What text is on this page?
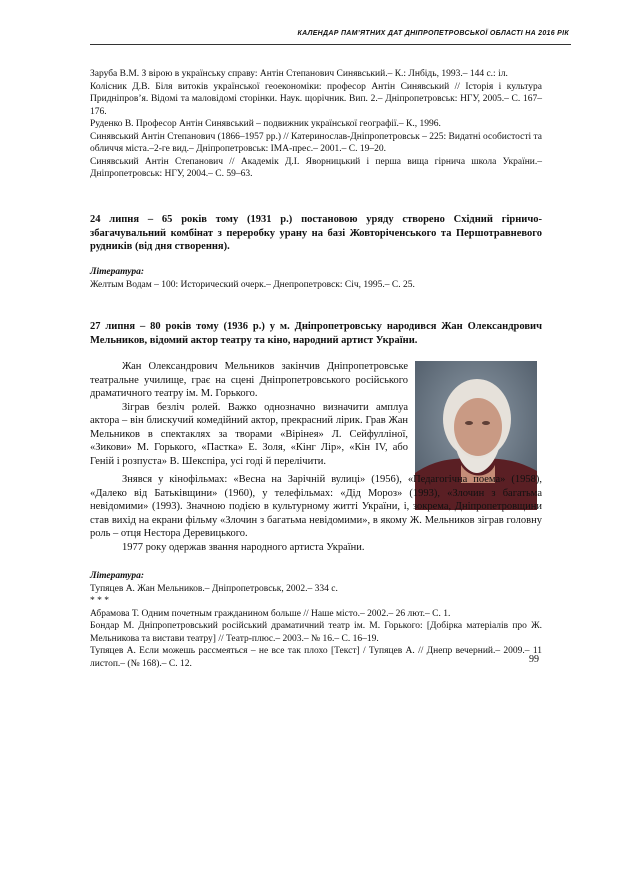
КАЛЕНДАР ПАМ’ЯТНИХ ДАТ ДНІПРОПЕТРОВСЬКОЇ ОБЛАСТІ НА 2016 РІК

Заруба В.М. З вірою в українську справу: Антін Степанович Синявський.– К.: Лнбідь, 1993.– 144 с.: іл.

Колісник Д.В. Біля витоків української геоекономіки: професор Антін Синявський // Історія і культура Придніпров’я. Відомі та маловідомі сторінки. Наук. щорічник. Вип. 2.– Дніпропетровськ: НГУ, 2005.– С. 167–176.

Руденко В. Професор Антін Синявський – подвижник української географії.– К., 1996.

Синявський Антін Степанович (1866–1957 рр.) // Катеринослав-Дніпропетровськ – 225: Видатні особистості та обличчя міста.–2-ге вид.– Дніпропетровськ: ІМА-прес.– 2001.– С. 19–20.

Синявський Антін Степанович // Академік Д.І. Яворницький і перша вища гірнича школа України.– Дніпропетровськ: НГУ, 2004.– С. 59–63.

24 липня – 65 років тому (1931 р.) постановою уряду створено Східний гірничо-збагачувальний комбінат з переробку урану на базі Жовторіченського та Першотравневого рудників (від дня створення).

Література:

Желтым Водам – 100: Исторический очерк.– Днепропетровск: Січ, 1995.– С. 25.

27 липня – 80 років тому (1936 р.) у м. Дніпропетровську народився Жан Олександрович Мельников, відомий актор театру та кіно, народний артист України.

Жан Олександрович Мельников закінчив Дніпропетровське театральне училище, грає на сцені Дніпропетровського російського драматичного театру ім. М. Горького.

Зіграв безліч ролей. Важко однозначно визначити амплуа актора – він блискучий комедійний актор, прекрасний лірик. Грав Жан Мельников в спектаклях за творами «Вірінея» Л. Сейфулліної, «Зикови» М. Горького, «Пастка» Е. Золя, «Кінг Лір», «Кін IV, або Геній і розпуста» В. Шекспіра, усі годі й перелічити.

Знявся у кінофільмах: «Весна на Зарічній вулиці» (1956), «Педагогічна поема» (1958), «Далеко від Батьківщини» (1960), у телефільмах: «Дід Мороз» (1993), «Злочин з багатьма невідомими» (1993). Значною подією в культурному житті України, і, зокрема, Дніпропетровщини став вихід на екрани фільму «Злочин з багатьма невідомими», в якому Ж. Мельников зіграв головну роль – отця Нестора Деревицького.

1977 року одержав звання народного артиста України.

Література:

Тупяцев А. Жан Мельников.– Дніпропетровськ, 2002.– 334 с.

* * *

Абрамова Т. Одним почетным гражданином больше // Наше місто.– 2002.– 26 лют.– С. 1.

Бондар М. Дніпропетровський російський драматичний театр ім. М. Горького: [Добірка матеріалів про Ж. Мельникова та вистави театру] // Театр-плюс.– 2003.– № 16.– С. 16–19.

Тупяцев А. Если можешь рассмеяться – не все так плохо [Текст] / Тупяцев А. // Днепр вечерний.– 2009.– 11 листоп.– (№ 168).– С. 12.	99
